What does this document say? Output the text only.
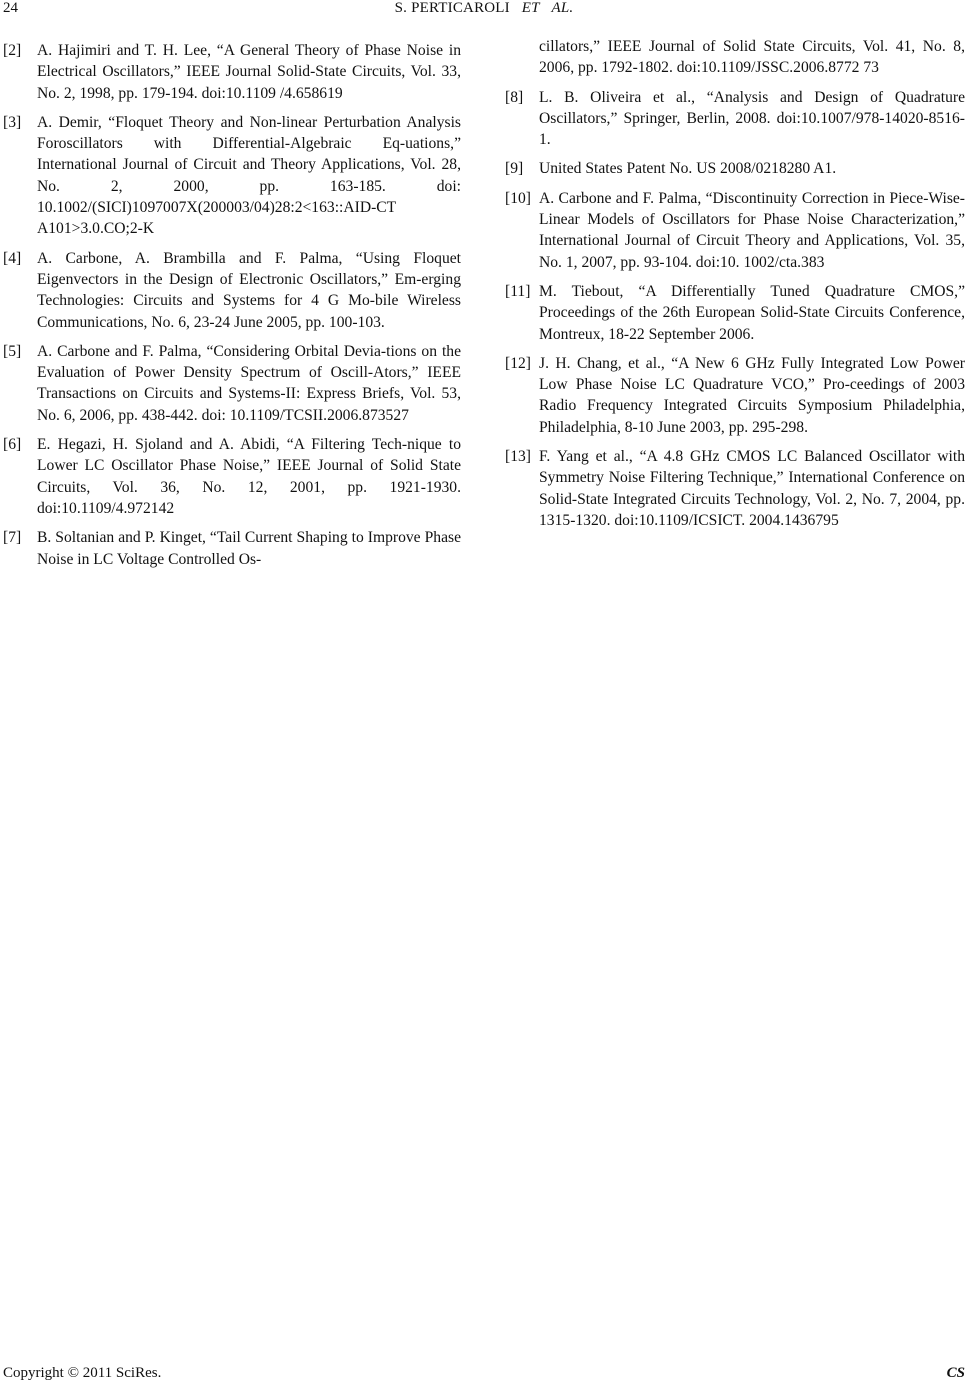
24	S. PERTICAROLI ET AL.
[2] A. Hajimiri and T. H. Lee, “A General Theory of Phase Noise in Electrical Oscillators,” IEEE Journal Solid-State Circuits, Vol. 33, No. 2, 1998, pp. 179-194. doi:10.1109 /4.658619
[3] A. Demir, “Floquet Theory and Non-linear Perturbation Analysis Foroscillators with Differential-Algebraic Eq-uations,” International Journal of Circuit and Theory Applications, Vol. 28, No. 2, 2000, pp. 163-185. doi: 10.1002/(SICI)1097007X(200003/04)28:2<163::AID-CT A101>3.0.CO;2-K
[4] A. Carbone, A. Brambilla and F. Palma, “Using Floquet Eigenvectors in the Design of Electronic Oscillators,” Em-erging Technologies: Circuits and Systems for 4 G Mo-bile Wireless Communications, No. 6, 23-24 June 2005, pp. 100-103.
[5] A. Carbone and F. Palma, “Considering Orbital Devia-tions on the Evaluation of Power Density Spectrum of Oscill-Ators,” IEEE Transactions on Circuits and Systems-II: Express Briefs, Vol. 53, No. 6, 2006, pp. 438-442. doi: 10.1109/TCSII.2006.873527
[6] E. Hegazi, H. Sjoland and A. Abidi, “A Filtering Tech-nique to Lower LC Oscillator Phase Noise,” IEEE Journal of Solid State Circuits, Vol. 36, No. 12, 2001, pp. 1921-1930. doi:10.1109/4.972142
[7] B. Soltanian and P. Kinget, “Tail Current Shaping to Improve Phase Noise in LC Voltage Controlled Os-
cillators,” IEEE Journal of Solid State Circuits, Vol. 41, No. 8, 2006, pp. 1792-1802. doi:10.1109/JSSC.2006.8772 73
[8] L. B. Oliveira et al., “Analysis and Design of Quadrature Oscillators,” Springer, Berlin, 2008. doi:10.1007/978-14020-8516-1.
[9] United States Patent No. US 2008/0218280 A1.
[10] A. Carbone and F. Palma, “Discontinuity Correction in Piece-Wise-Linear Models of Oscillators for Phase Noise Characterization,” International Journal of Circuit Theory and Applications, Vol. 35, No. 1, 2007, pp. 93-104. doi:10. 1002/cta.383
[11] M. Tiebout, “A Differentially Tuned Quadrature CMOS,” Proceedings of the 26th European Solid-State Circuits Conference, Montreux, 18-22 September 2006.
[12] J. H. Chang, et al., “A New 6 GHz Fully Integrated Low Power Low Phase Noise LC Quadrature VCO,” Pro-ceedings of 2003 Radio Frequency Integrated Circuits Symposium Philadelphia, Philadelphia, 8-10 June 2003, pp. 295-298.
[13] F. Yang et al., “A 4.8 GHz CMOS LC Balanced Oscillator with Symmetry Noise Filtering Technique,” International Conference on Solid-State Integrated Circuits Technology, Vol. 2, No. 7, 2004, pp. 1315-1320. doi:10.1109/ICSICT. 2004.1436795
Copyright © 2011 SciRes.	CS
